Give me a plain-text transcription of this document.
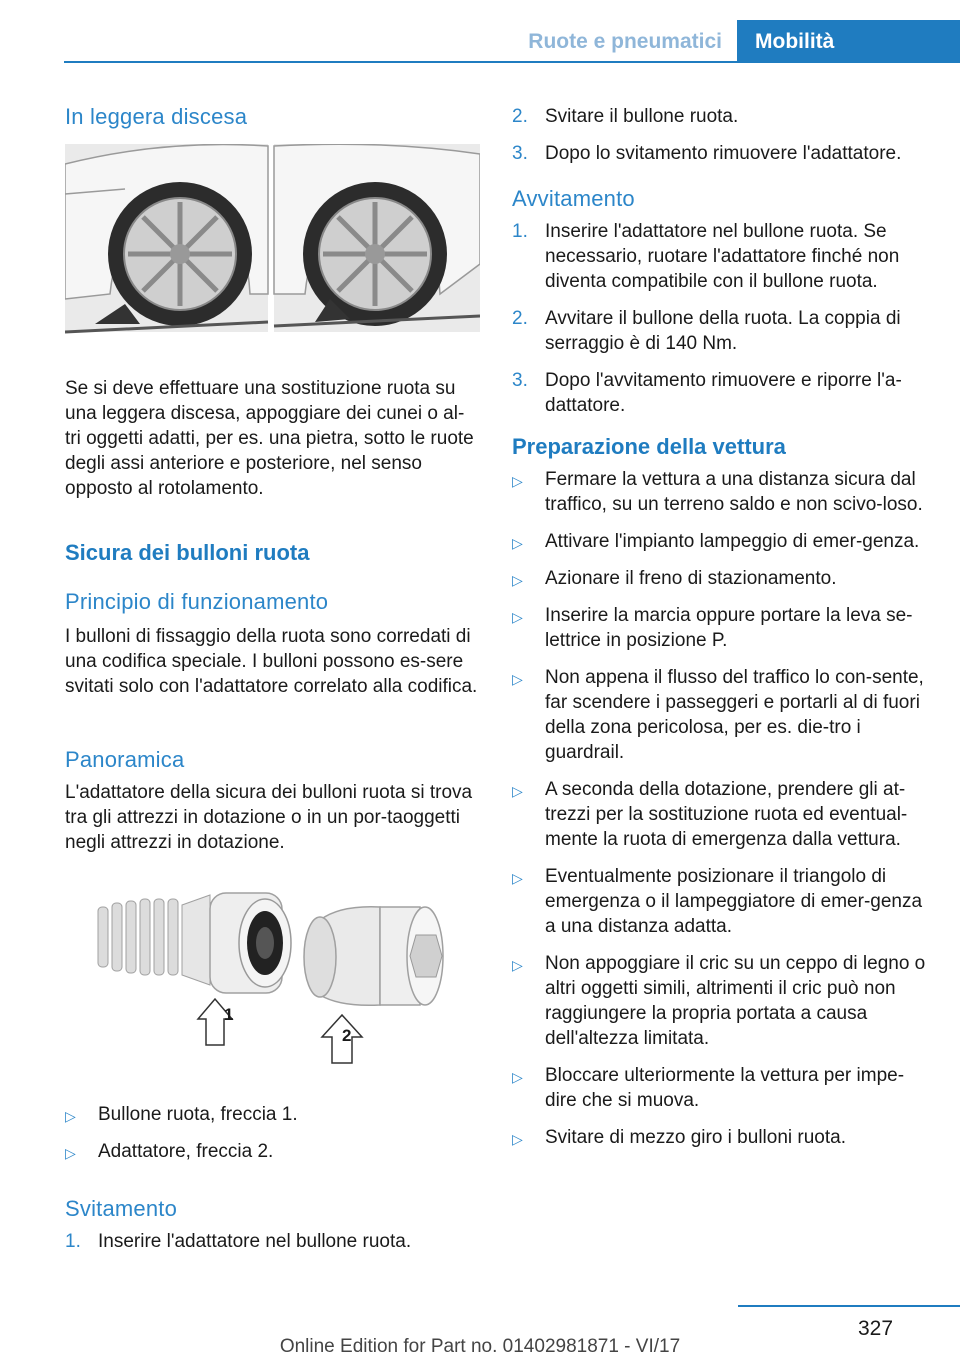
Ruote e pneumatici	Mobilità
In leggera discesa
Se si deve effettuare una sostituzione ruota su una leggera discesa, appoggiare dei cunei o al‐tri oggetti adatti, per es. una pietra, sotto le ruote degli assi anteriore e posteriore, nel senso opposto al rotolamento.
Sicura dei bulloni ruota
Principio di funzionamento
I bulloni di fissaggio della ruota sono corredati di una codifica speciale. I bulloni possono es‐sere svitati solo con l'adattatore correlato alla codifica.
Panoramica
L'adattatore della sicura dei bulloni ruota si trova tra gli attrezzi in dotazione o in un por‐taoggetti negli attrezzi in dotazione.
1
2
▷ Bullone ruota, freccia 1.
▷ Adattatore, freccia 2.
Svitamento
1. Inserire l'adattatore nel bullone ruota.
2. Svitare il bullone ruota.
3. Dopo lo svitamento rimuovere l'adattatore.
Avvitamento
1. Inserire l'adattatore nel bullone ruota. Se necessario, ruotare l'adattatore finché non diventa compatibile con il bullone ruota.
2. Avvitare il bullone della ruota. La coppia di serraggio è di 140 Nm.
3. Dopo l'avvitamento rimuovere e riporre l'a‐dattatore.
Preparazione della vettura
▷ Fermare la vettura a una distanza sicura dal traffico, su un terreno saldo e non scivo‐loso.
▷ Attivare l'impianto lampeggio di emer‐genza.
▷ Azionare il freno di stazionamento.
▷ Inserire la marcia oppure portare la leva se‐lettrice in posizione P.
▷ Non appena il flusso del traffico lo con‐sente, far scendere i passeggeri e portarli al di fuori della zona pericolosa, per es. die‐tro i guardrail.
▷ A seconda della dotazione, prendere gli at‐trezzi per la sostituzione ruota ed eventual‐mente la ruota di emergenza dalla vettura.
▷ Eventualmente posizionare il triangolo di emergenza o il lampeggiatore di emer‐genza a una distanza adatta.
▷ Non appoggiare il cric su un ceppo di legno o altri oggetti simili, altrimenti il cric può non raggiungere la propria portata a causa dell'altezza limitata.
▷ Bloccare ulteriormente la vettura per impe‐dire che si muova.
▷ Svitare di mezzo giro i bulloni ruota.
327
Online Edition for Part no. 01402981871 - VI/17
